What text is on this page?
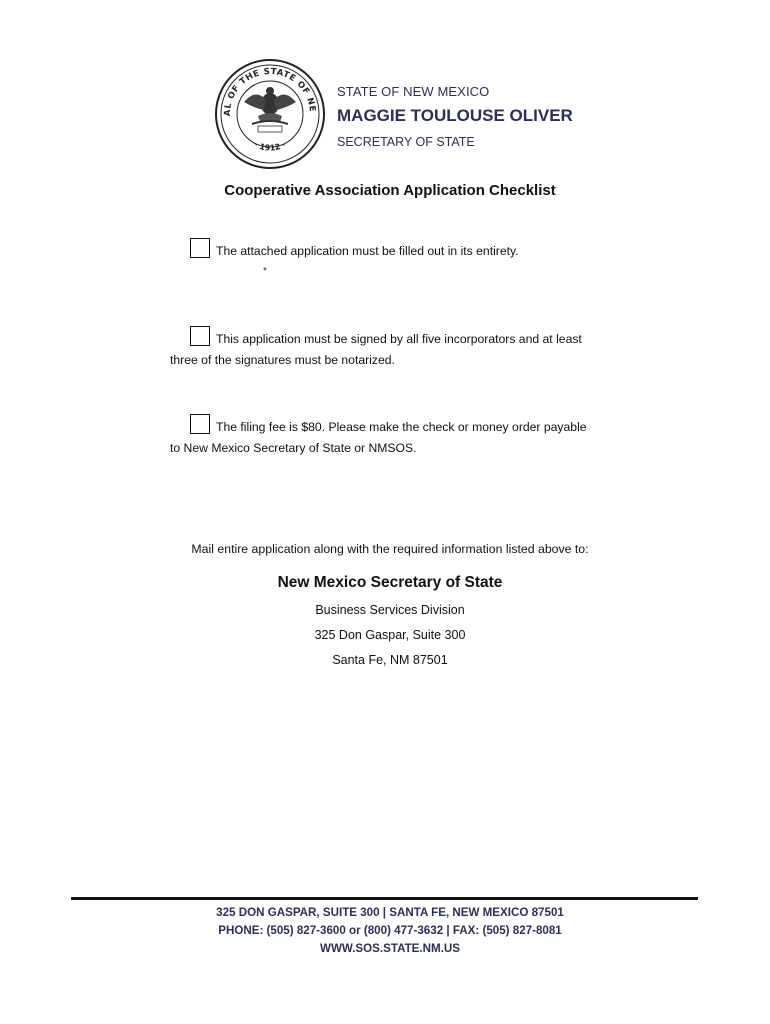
AL OF THE STATE OF NE
· 1912 ·
STATE OF NEW MEXICO
MAGGIE TOULOUSE OLIVER
SECRETARY OF STATE
Cooperative Association Application Checklist
The attached application must be filled out in its entirety.
*
This application must be signed by all five incorporators and at least
three of the signatures must be notarized.
The filing fee is $80. Please make the check or money order payable
to New Mexico Secretary of State or NMSOS.
Mail entire application along with the required information listed above to:
New Mexico Secretary of State
Business Services Division
325 Don Gaspar, Suite 300
Santa Fe, NM 87501
325 DON GASPAR, SUITE 300 | SANTA FE, NEW MEXICO 87501
PHONE: (505) 827-3600 or (800) 477-3632 | FAX: (505) 827-8081
WWW.SOS.STATE.NM.US
